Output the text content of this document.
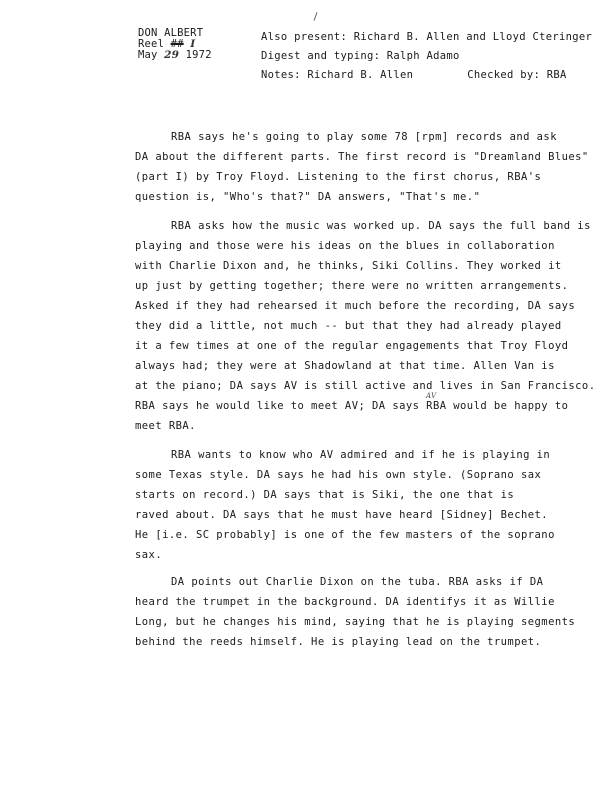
DON ALBERT
Reel ## I
May 29 1972
Also present: Richard B. Allen and Lloyd Cteringer
Digest and typing: Ralph Adamo
Notes: Richard B. Allen	Checked by: RBA
RBA says he's going to play some 78 [rpm] records and ask
DA about the different parts. The first record is "Dreamland Blues"
(part I) by Troy Floyd. Listening to the first chorus, RBA's
question is, "Who's that?" DA answers, "That's me."
RBA asks how the music was worked up. DA says the full band is
playing and those were his ideas on the blues in collaboration
with Charlie Dixon and, he thinks, Siki Collins. They worked it
up just by getting together; there were no written arrangements.
Asked if they had rehearsed it much before the recording, DA says
they did a little, not much -- but that they had already played
it a few times at one of the regular engagements that Troy Floyd
always had; they were at Shadowland at that time. Allen Van is
at the piano; DA says AV is still active and lives in San Francisco.
RBA says he would like to meet AV; DA says RBA would be happy to
AV
meet RBA.
RBA wants to know who AV admired and if he is playing in
some Texas style. DA says he had his own style. (Soprano sax
starts on record.) DA says that is Siki, the one that is
raved about. DA says that he must have heard [Sidney] Bechet.
He [i.e. SC probably] is one of the few masters of the soprano
sax.
DA points out Charlie Dixon on the tuba. RBA asks if DA
heard the trumpet in the background. DA identifys it as Willie
Long, but he changes his mind, saying that he is playing segments
behind the reeds himself. He is playing lead on the trumpet.
